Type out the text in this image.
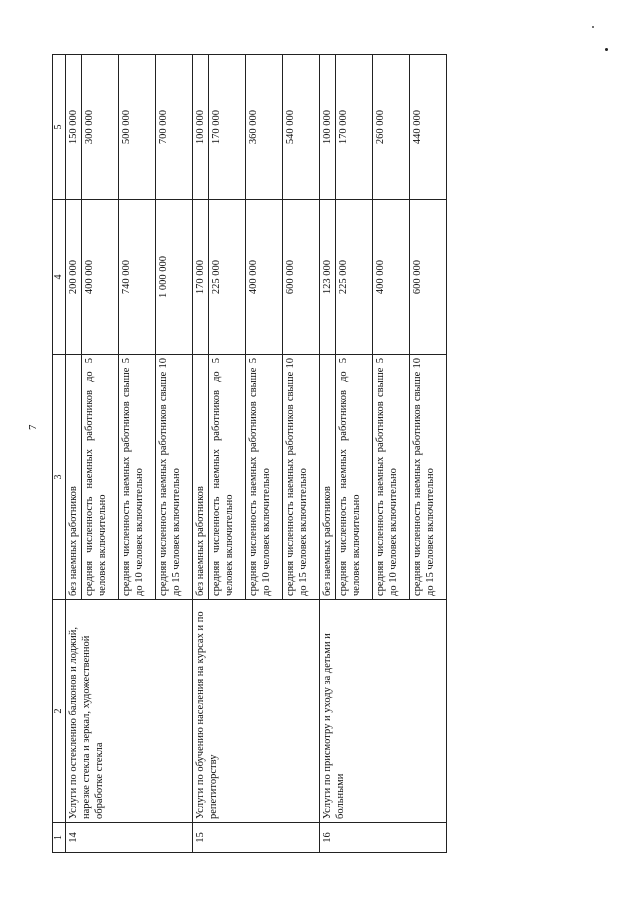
7
1	2	3	4	5
14	Услуги по остеклению балконов и лоджий, нарезке стекла и зеркал, художественной обработке стекла	без наемных работников	200 000	150 000
		средняя численность наемных работников до 5 человек включительно	400 000	300 000
		средняя численность наемных работников свыше 5 до 10 человек включительно	740 000	500 000
		средняя численность наемных работников свыше 10 до 15 человек включительно	1 000 000	700 000
15	Услуги по обучению населения на курсах и по репетиторству	без наемных работников	170 000	100 000
		средняя численность наемных работников до 5 человек включительно	225 000	170 000
		средняя численность наемных работников свыше 5 до 10 человек включительно	400 000	360 000
		средняя численность наемных работников свыше 10 до 15 человек включительно	600 000	540 000
16	Услуги по присмотру и уходу за детьми и больными	без наемных работников	123 000	100 000
		средняя численность наемных работников до 5 человек включительно	225 000	170 000
		средняя численность наемных работников свыше 5 до 10 человек включительно	400 000	260 000
		средняя численность наемных работников свыше 10 до 15 человек включительно	600 000	440 000
